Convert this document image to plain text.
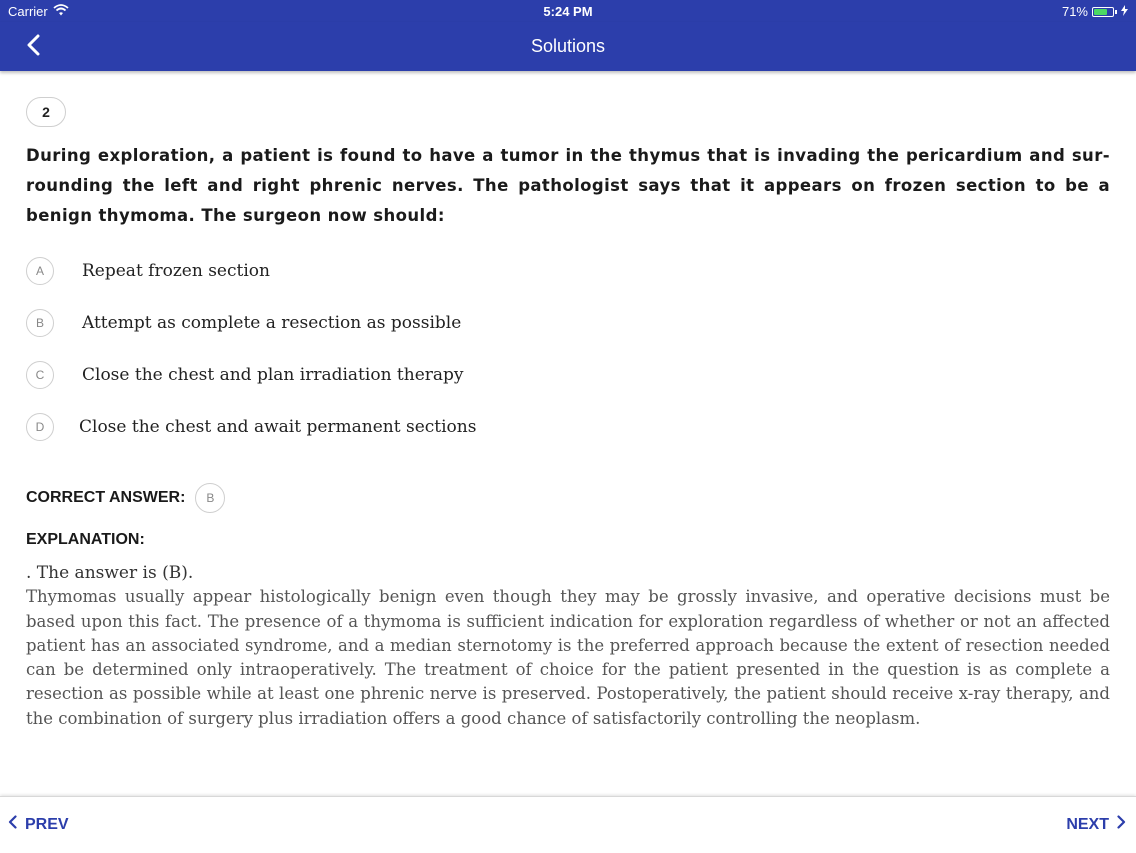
Carrier	5:24 PM	71%
Solutions
2
During exploration, a patient is found to have a tumor in the thymus that is invading the pericardium and sur-rounding the left and right phrenic nerves. The pathologist says that it appears on frozen section to be a benign thymoma. The surgeon now should:
A	Repeat frozen section
B	Attempt as complete a resection as possible
C	Close the chest and plan irradiation therapy
D	Close the chest and await permanent sections
CORRECT ANSWER:	B
EXPLANATION:
. The answer is (B).
Thymomas usually appear histologically benign even though they may be grossly invasive, and operative decisions must be based upon this fact. The presence of a thymoma is sufficient indication for exploration regardless of whether or not an affected patient has an associated syndrome, and a median sternotomy is the preferred approach because the extent of resection needed can be determined only intraoperatively. The treatment of choice for the patient presented in the question is as complete a resection as possible while at least one phrenic nerve is preserved. Postoperatively, the patient should receive x-ray therapy, and the combination of surgery plus irradiation offers a good chance of satisfactorily controlling the neoplasm.
PREV	NEXT
